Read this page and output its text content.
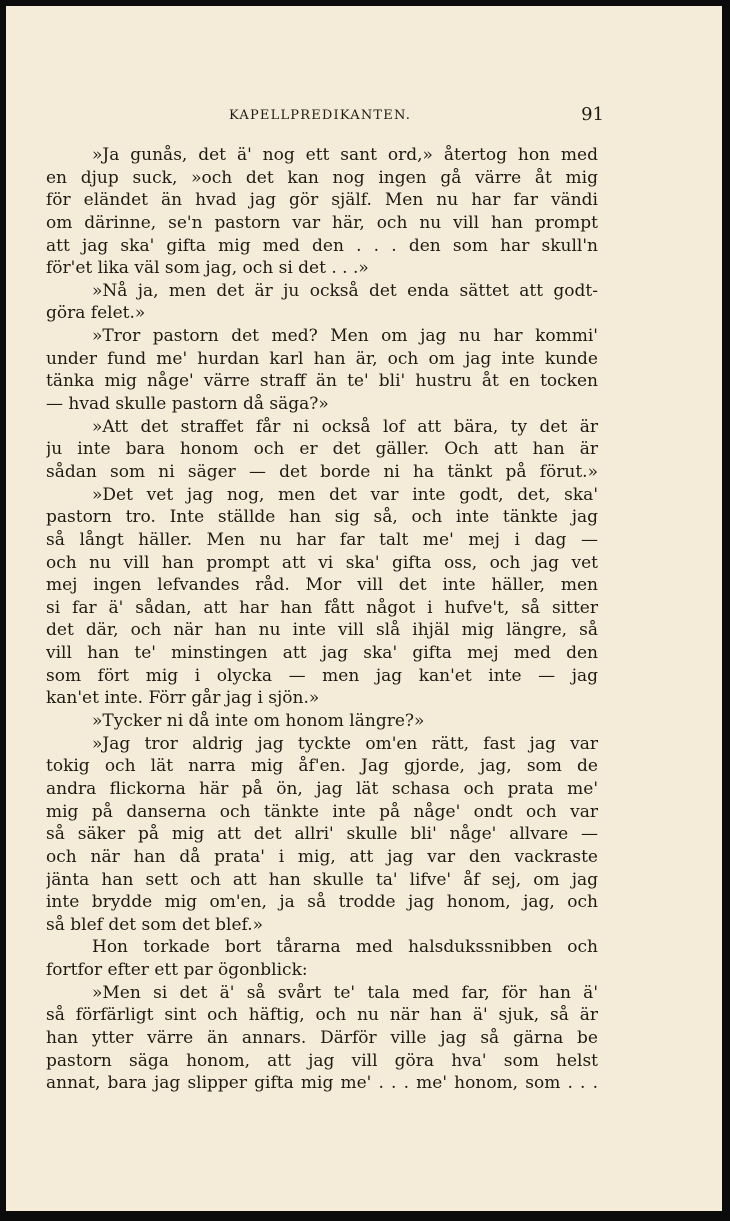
KAPELLPREDIKANTEN.	91
»Ja gunås, det ä' nog ett sant ord,» återtog hon med
en djup suck, »och det kan nog ingen gå värre åt mig
för eländet än hvad jag gör själf. Men nu har far vändi
om därinne, se'n pastorn var här, och nu vill han prompt
att jag ska' gifta mig med den . . . den som har skull'n
för'et lika väl som jag, och si det . . .»
»Nå ja, men det är ju också det enda sättet att godt-
göra felet.»
»Tror pastorn det med? Men om jag nu har kommi'
under fund me' hurdan karl han är, och om jag inte kunde
tänka mig någe' värre straff än te' bli' hustru åt en tocken
— hvad skulle pastorn då säga?»
»Att det straffet får ni också lof att bära, ty det är
ju inte bara honom och er det gäller. Och att han är
sådan som ni säger — det borde ni ha tänkt på förut.»
»Det vet jag nog, men det var inte godt, det, ska'
pastorn tro. Inte ställde han sig så, och inte tänkte jag
så långt häller. Men nu har far talt me' mej i dag —
och nu vill han prompt att vi ska' gifta oss, och jag vet
mej ingen lefvandes råd. Mor vill det inte häller, men
si far ä' sådan, att har han fått något i hufve't, så sitter
det där, och när han nu inte vill slå ihjäl mig längre, så
vill han te' minstingen att jag ska' gifta mej med den
som fört mig i olycka — men jag kan'et inte — jag
kan'et inte. Förr går jag i sjön.»
»Tycker ni då inte om honom längre?»
»Jag tror aldrig jag tyckte om'en rätt, fast jag var
tokig och lät narra mig åf'en. Jag gjorde, jag, som de
andra flickorna här på ön, jag lät schasa och prata me'
mig på danserna och tänkte inte på någe' ondt och var
så säker på mig att det allri' skulle bli' någe' allvare —
och när han då prata' i mig, att jag var den vackraste
jänta han sett och att han skulle ta' lifve' åf sej, om jag
inte brydde mig om'en, ja så trodde jag honom, jag, och
så blef det som det blef.»
Hon torkade bort tårarna med halsdukssnibben och
fortfor efter ett par ögonblick:
»Men si det ä' så svårt te' tala med far, för han ä'
så förfärligt sint och häftig, och nu när han ä' sjuk, så är
han ytter värre än annars. Därför ville jag så gärna be
pastorn säga honom, att jag vill göra hva' som helst
annat, bara jag slipper gifta mig me' . . . me' honom, som . . .
